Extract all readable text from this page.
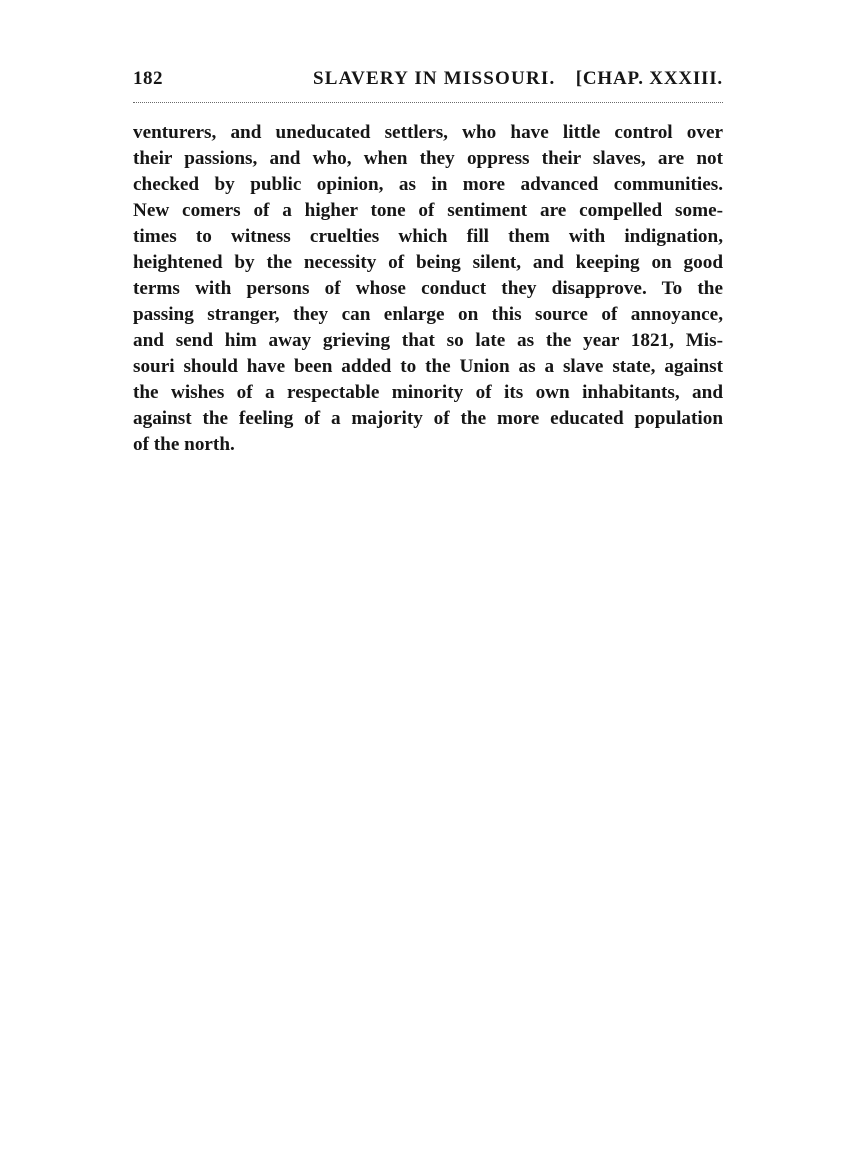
182	SLAVERY IN MISSOURI. [CHAP. XXXIII.
venturers, and uneducated settlers, who have little control over
their passions, and who, when they oppress their slaves, are not
checked by public opinion, as in more advanced communities.
New comers of a higher tone of sentiment are compelled some-
times to witness cruelties which fill them with indignation,
heightened by the necessity of being silent, and keeping on good
terms with persons of whose conduct they disapprove. To the
passing stranger, they can enlarge on this source of annoyance,
and send him away grieving that so late as the year 1821, Mis-
souri should have been added to the Union as a slave state, against
the wishes of a respectable minority of its own inhabitants, and
against the feeling of a majority of the more educated population
of the north.
